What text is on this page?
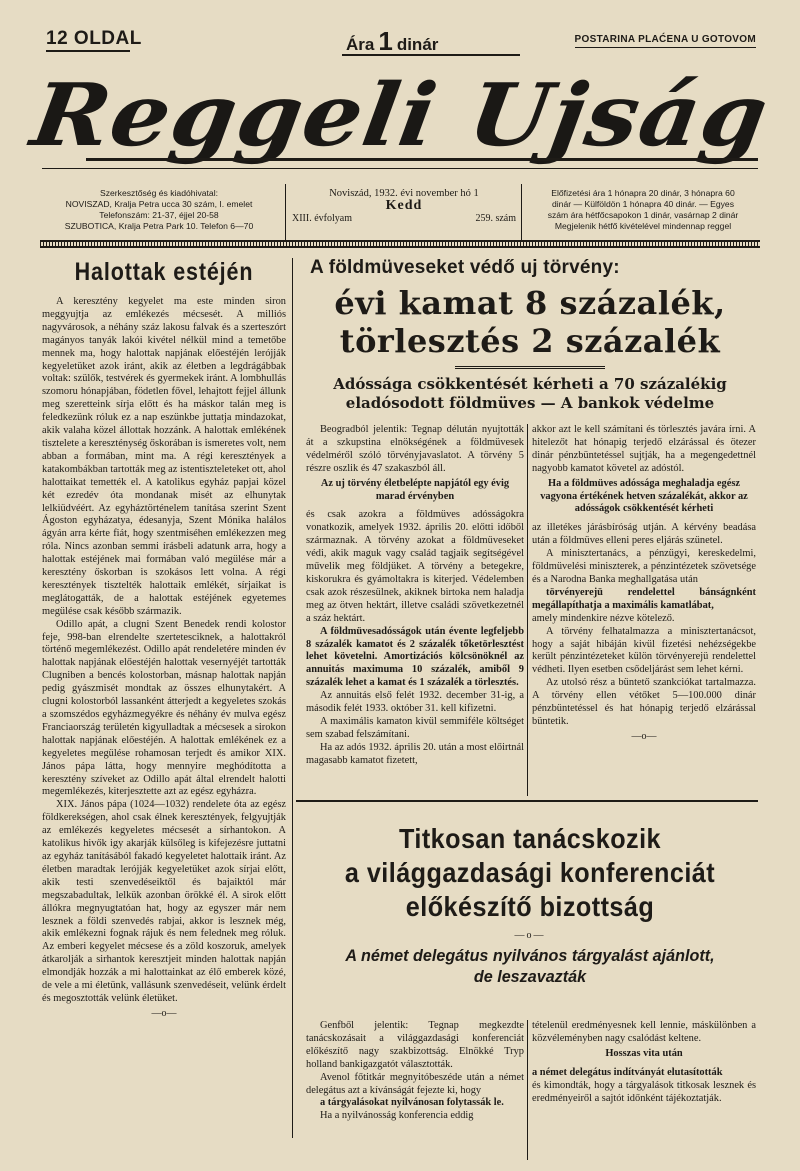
12 OLDAL	Ára 1 dinár	POSTARINA PLAĆENA U GOTOVOM
Reggeli Ujság
Szerkesztőség és kiadóhivatal:
NOVISZAD, Kralja Petra ucca 30 szám, I. emelet
Telefonszám: 21-37, éjjel 20-58
SZUBOTICA, Kralja Petra Park 10. Telefon 6—70
Noviszád, 1932. évi november hó 1
Kedd
XIII. évfolyam	259. szám
Előfizetési ára 1 hónapra 20 dinár, 3 hónapra 60
dinár — Külföldön 1 hónapra 40 dinár. — Egyes
szám ára hétfőcsapokon 1 dinár, vasárnap 2 dinár
Megjelenik hétfő kivételével mindennap reggel
Halottak estéjén

A keresztény kegyelet ma este minden siron meggyujtja az emlékezés mécsesét. A milliós nagyvárosok, a néhány száz lakosu falvak és a szerteszórt magányos tanyák lakói kivétel nélkül mind a temetőbe mennek ma, hogy halottak napjának előestéjén lerójják kegyeletüket azok iránt, akik az életben a legdrágábbak voltak: szülők, testvérek és gyermekek iránt. A lombhullás szomoru hónapjában, födetlen fővel, lehajtott fejjel állunk meg szeretteink sírja előtt és ha máskor talán meg is feledkezünk róluk ez a nap eszünkbe juttatja mindazokat, akik valaha közel állottak hozzánk. A halottak emlékének tisztelete a kereszténység őskorában is ismeretes volt, nem abban a formában, mint ma. A régi keresztények a katakombákban tartották meg az istentiszteleteket ott, ahol halottaikat temették el. A katolikus egyház papjai közel két ezredév óta mondanak misét az elhunytak lelkiüdvéért. Az egyháztörténelem tanítása szerint Szent Ágoston egyházatya, édesanyja, Szent Mónika halálos ágyán arra kérte fiát, hogy szentmiséhen emlékezzen meg róla. Nincs azonban semmi írásbeli adatunk arra, hogy a halottak estéjének mai formában való megülése már a keresztény őskorban is szokásos lett volna. A régi keresztények tisztelték halottaik emlékét, sírjaikat is meglátogatták, de a halottak estéjének egyetemes megülése csak később származik.

Odillo apát, a clugni Szent Benedek rendi kolostor feje, 998-ban elrendelte szertetesciknek, a halottakról történő megemlékezést. Odillo apát rendeletére minden év halottak napjának előestéjén halottak vesernyéjét tartották Clugniben a bencés kolostorban, másnap halottak napján pedig gyászmisét mondtak az összes elhunytakért. A clugni kolostorból lassanként átterjedt a kegyeletes szokás a szomszédos egyházmegyékre és néhány év mulva egész Franciaország területén kigyulladtak a mécsesek a sirokon halottak napjának előestéjén. A halottak emlékének ez a kegyeletes megülése rohamosan terjedt és amikor XIX. János pápa látta, hogy mennyire meghódította a keresztény szíveket az Odillo apát által elrendelt halotti megemlékezés, kiterjesztette azt az egész egyházra.

XIX. János pápa (1024—1032) rendelete óta az egész földkerekségen, ahol csak élnek keresztények, felgyujtják az emlékezés kegyeletes mécsesét a sírhantokon. A katolikus hivők igy akarják külsőleg is kifejezésre juttatni az egyház tanításából fakadó kegyeletet halottaik iránt. Az életben maradtak lerójják kegyeletüket azok sírjai előtt, akik testi szenvedéseiktől és bajaiktól már megszabadultak, lelkük azonban örökké él. A sirok előtt állókra megnyugtatóan hat, hogy az egyszer már nem lesznek a földi szenvedés rabjai, akkor is lesznek még, akik emlékezni fognak rájuk és nem felednek meg róluk. Az emberi kegyelet mécsese és a zöld koszoruk, amelyek átkarolják a sirhantok keresztjeit minden halottak napján elmondják hozzák a mi halottainkat az élő emberek közé, de vele a mi életünk, vallásunk szenvedéseit, velünk érdelt és megosztották velünk életüket.

—o—
A földmüveseket védő uj törvény:
évi kamat 8 százalék,
törlesztés 2 százalék
Adóssága csökkentését kérheti a 70 százalékig
eladósodott földmüves — A bankok védelme

Beogradból jelentik: Tegnap délután nyujtották át a szkupstina elnökségének a földmüvesek védelméről szóló törvényjavaslatot. A törvény 5 részre oszlik és 47 szakaszból áll.

Az uj törvény életbelépte napjától egy évig marad érvényben

és csak azokra a földmüves adósságokra vonatkozik, amelyek 1932. április 20. előtti időből származnak. A törvény azokat a földmüveseket védi, akik maguk vagy család tagjaik segítségével művelik meg földjüket. A törvény a betegekre, kiskorukra és gyámoltakra is kiterjed. Védelemben csak azok részesülnek, akiknek birtoka nem haladja meg az ötven hektárt, illetve családi szövetkezetnél a száz hektárt.

A földmüvesadósságok után évente legfeljebb 8 százalék kamatot és 2 százalék tőketörlesztést lehet követelni. Amortizációs kölcsönöknél az annuitás maximuma 10 százalék, amiből 9 százalék lehet a kamat és 1 százalék a törlesztés.

Az annuitás első felét 1932. december 31-ig, a második felét 1933. október 31. kell kifizetni.

A maximális kamaton kivül semmiféle költséget sem szabad felszámítani.

Ha az adós 1932. április 20. után a most előirtnál magasabb kamatot fizetett,

akkor azt le kell számítani és törlesztés javára írni. A hitelezőt hat hónapig terjedő elzárással és ötezer dinár pénzbüntetéssel sujtják, ha a megengedettnél nagyobb kamatot követel az adóstól.

Ha a földmüves adóssága meghaladja egész vagyona értékének hetven százalékát, akkor az adósságok csökkentését kérheti

az illetékes járásbíróság utján. A kérvény beadása után a földmüves elleni peres eljárás szünetel.

A minisztertanács, a pénzügyi, kereskedelmi, földmüvelési miniszterek, a pénzintézetek szövetsége és a Narodna Banka meghallgatása után

törvényerejü rendelettel bánságnként megállapíthatja a maximális kamatlábat,

amely mindenkire nézve kötelező.

A törvény felhatalmazza a minisztertanácsot, hogy a saját hibáján kivül fizetési nehézségekbe került pénzintézeteket külön törvényerejü rendelettel védheti. Ilyen esetben csődeljárást sem lehet kérni.

Az utolsó rész a büntető szankciókat tartalmazza. A törvény ellen vétőket 5—100.000 dinár pénzbüntetéssel és hat hónapig terjedő elzárással büntetik.

—o—
Titkosan tanácskozik
a világgazdasági konferenciát
előkészítő bizottság
—o—
A német delegátus nyilvános tárgyalást ajánlott,
de leszavazták

Genfből jelentik: Tegnap megkezdte tanácskozásait a világgazdasági konferenciát előkészítő nagy szakbizottság. Elnökké Tryp holland bankigazgatót választották.

Avenol főtitkár megnyitóbeszéde után a német delegátus azt a kívánságát fejezte ki, hogy

a tárgyalásokat nyilvánosan folytassák le.

Ha a nyilvánosság konferencia eddig

tételenül eredményesnek kell lennie, máskülönben a közvéleményben nagy csalódást keltene.

Hosszas vita után

a német delegátus indítványát elutasították

és kimondták, hogy a tárgyalások titkosak lesznek és eredményeiről a sajtót időnként tájékoztatják.
